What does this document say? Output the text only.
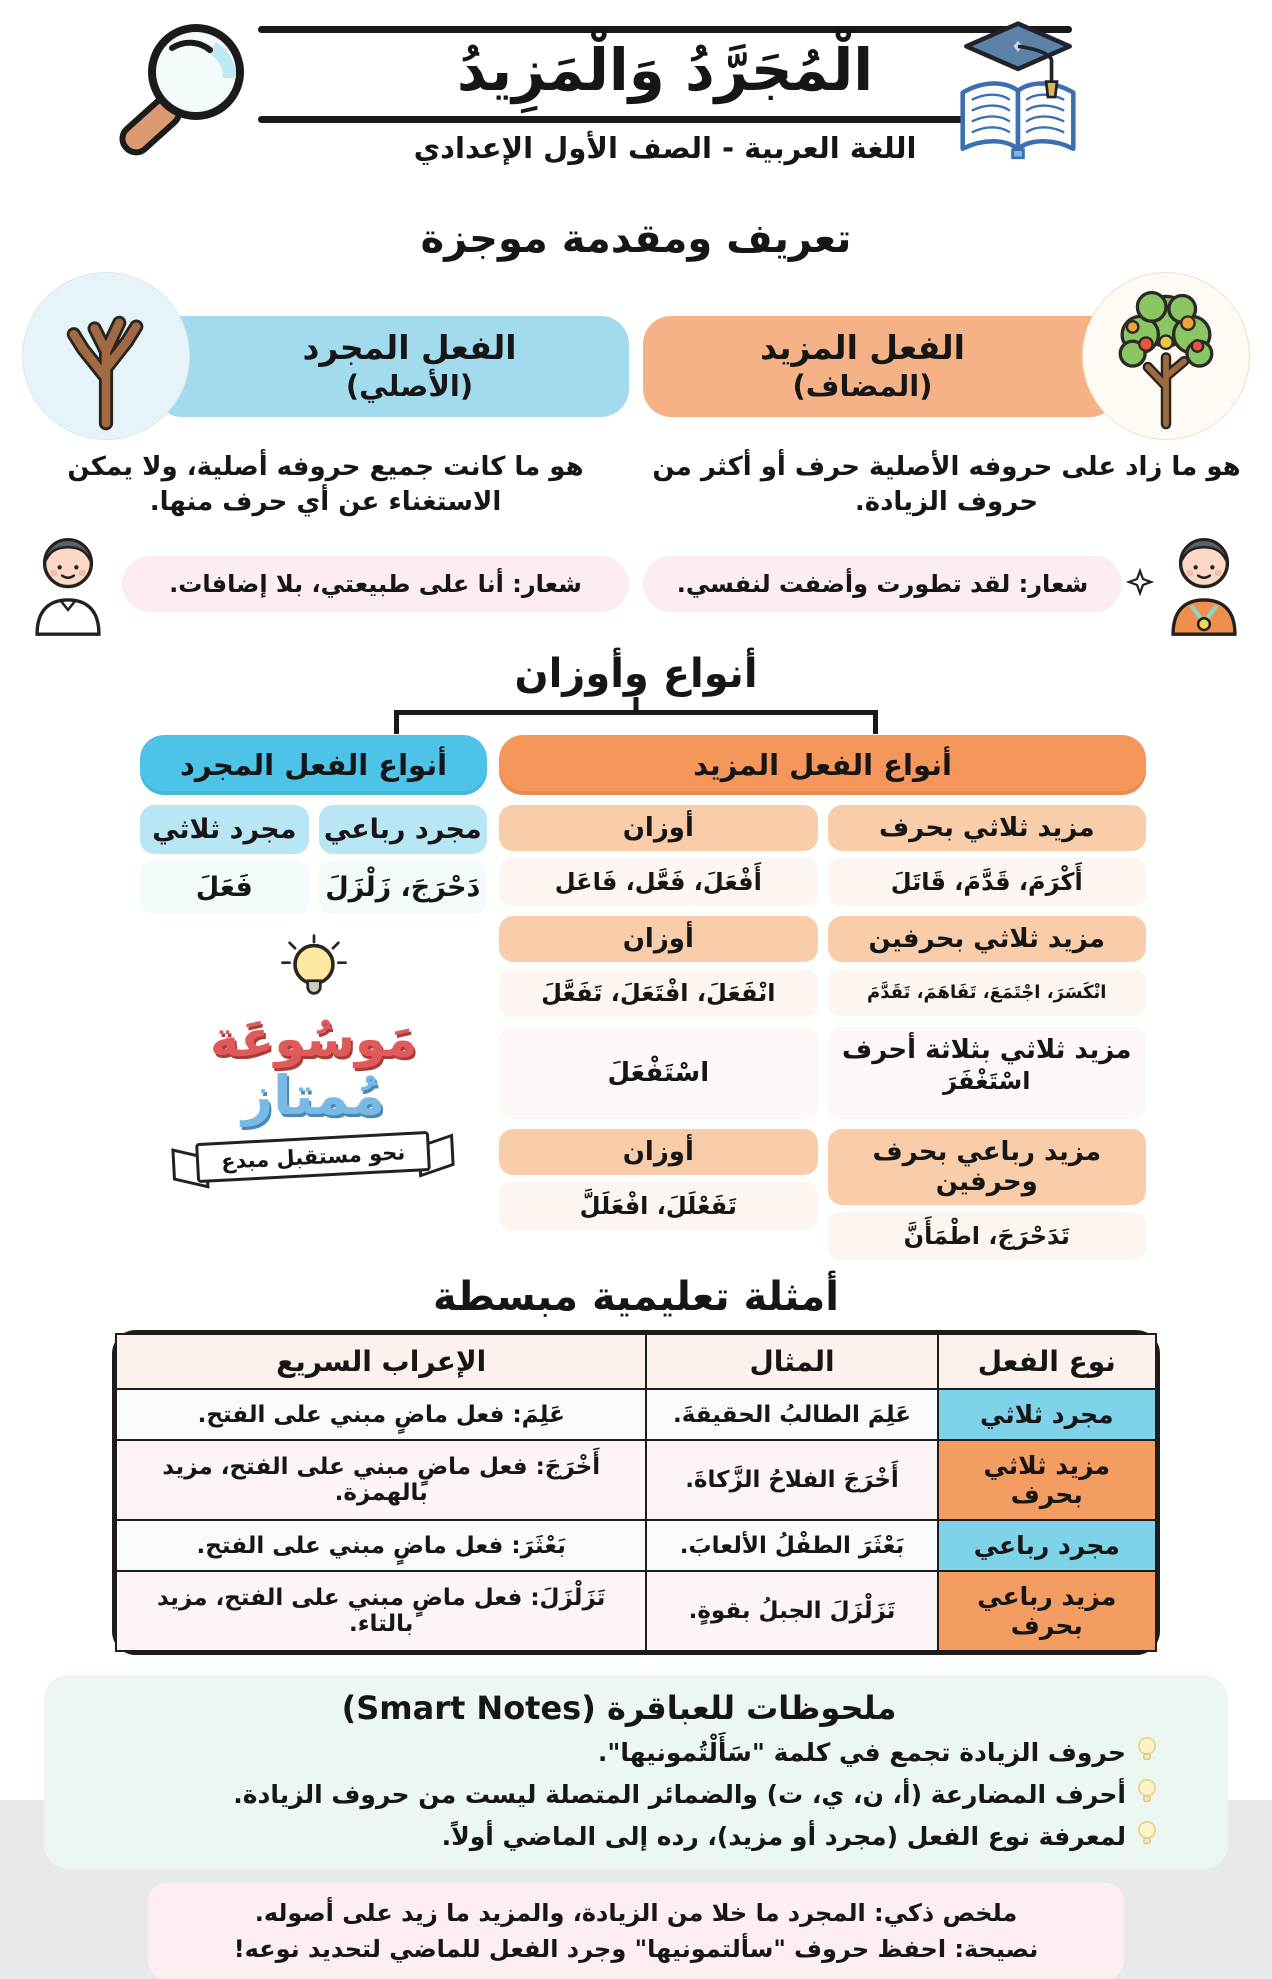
الْمُجَرَّدُ وَالْمَزِيدُ
اللغة العربية - الصف الأول الإعدادي
تعريف ومقدمة موجزة
الفعل المجرد
(الأصلي)

هو ما كانت جميع حروفه أصلية، ولا يمكن الاستغناء عن أي حرف منها.

شعار: أنا على طبيعتي، بلا إضافات.
الفعل المزيد
(المضاف)

هو ما زاد على حروفه الأصلية حرف أو أكثر من حروف الزيادة.

شعار: لقد تطورت وأضفت لنفسي.
أنواع وأوزان
أنواع الفعل المجرد
مجرد ثلاثي
فَعَلَ
مجرد رباعي
دَحْرَجَ، زَلْزَلَ
مَوسُوعَة
مُمتاز
نحو مستقبل مبدع
أنواع الفعل المزيد
أوزان
أَفْعَلَ، فَعَّل، فَاعَل
مزيد ثلاثي بحرف
أَكْرَمَ، قَدَّمَ، قَاتَلَ
أوزان
انْفَعَلَ، افْتَعَلَ، تَفَعَّلَ
مزيد ثلاثي بحرفين
انْكَسَرَ، اجْتَمَعَ، تَفَاهَمَ، تَقَدَّمَ
اسْتَفْعَلَ
مزيد ثلاثي بثلاثة أحرف
اسْتَغْفَرَ
أوزان
تَفَعْلَلَ، افْعَلَلَّ
مزيد رباعي بحرف وحرفين
تَدَحْرَجَ، اطْمَأَنَّ
أمثلة تعليمية مبسطة
نوع الفعل	المثال	الإعراب السريع
مجرد ثلاثي	عَلِمَ الطالبُ الحقيقةَ.	عَلِمَ: فعل ماضٍ مبني على الفتح.
مزيد ثلاثي بحرف	أَخْرَجَ الفلاحُ الزَّكاةَ.	أَخْرَجَ: فعل ماضٍ مبني على الفتح، مزيد بالهمزة.
مجرد رباعي	بَعْثَرَ الطفْلُ الألعابَ.	بَعْثَرَ: فعل ماضٍ مبني على الفتح.
مزيد رباعي بحرف	تَزَلْزَلَ الجبلُ بقوةٍ.	تَزَلْزَلَ: فعل ماضٍ مبني على الفتح، مزيد بالتاء.
ملحوظات للعباقرة (Smart Notes)
حروف الزيادة تجمع في كلمة "سَأَلْتُمونيها".
أحرف المضارعة (أ، ن، ي، ت) والضمائر المتصلة ليست من حروف الزيادة.
لمعرفة نوع الفعل (مجرد أو مزيد)، رده إلى الماضي أولاً.
ملخص ذكي: المجرد ما خلا من الزيادة، والمزيد ما زيد على أصوله.
نصيحة: احفظ حروف "سألتمونيها" وجرد الفعل للماضي لتحديد نوعه!
